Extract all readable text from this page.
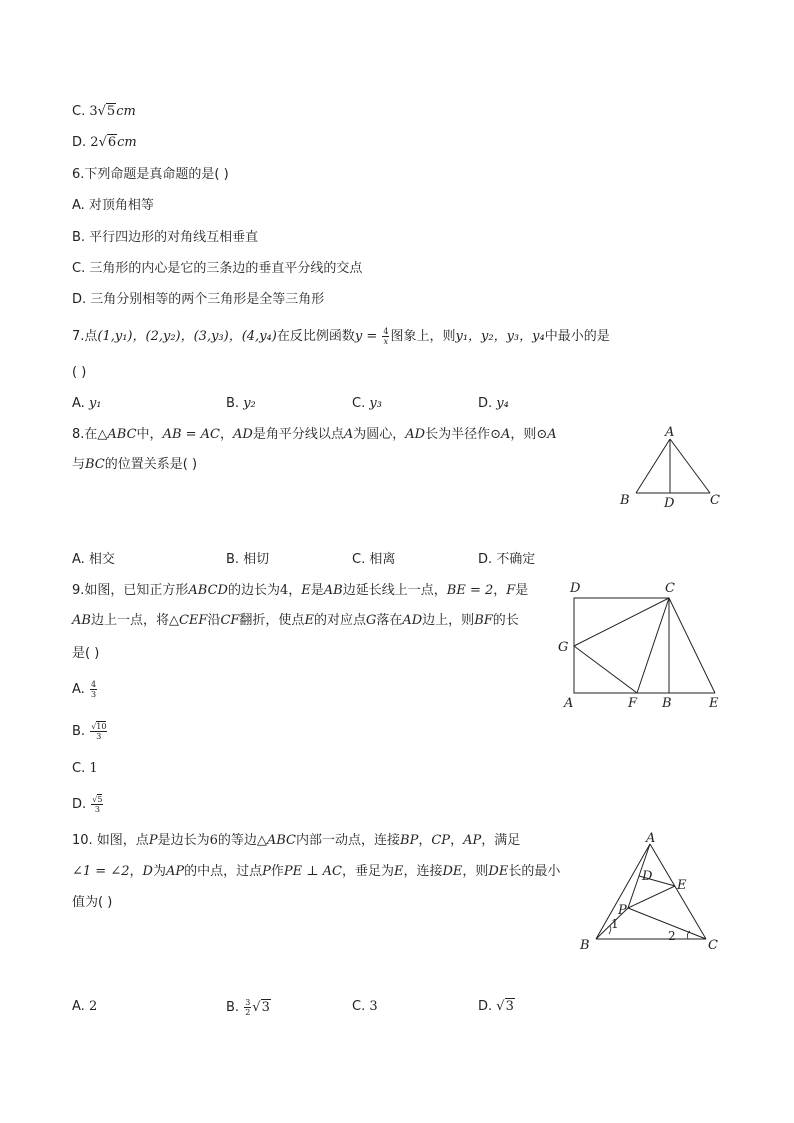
C. 3√5cm
D. 2√6cm
6.下列命题是真命题的是( )
A. 对顶角相等
B. 平行四边形的对角线互相垂直
C. 三角形的内心是它的三条边的垂直平分线的交点
D. 三角分别相等的两个三角形是全等三角形
7.点(1,y₁)，(2,y₂)，(3,y₃)，(4,y₄)在反比例函数$y = \frac{4}{x}$ 图象上，则y₁，y₂，y₃，y₄中最小的是
( )
A. y₁	B. y₂	C. y₃	D. y₄
8.在△ABC中，AB = AC，AD是角平分线以点A为圆心，AD长为半径作⊙A，则⊙A
与BC的位置关系是( )
A
B	D	C
A. 相交	B. 相切	C. 相离	D. 不确定
9.如图，已知正方形ABCD的边长为4，E是AB边延长线上一点，BE = 2，F是
AB边上一点，将△CEF沿CF翻折，使点E的对应点G落在AD边上，则BF的长
是( )
D	C
G
A	F B	E
A. $\frac{4}{3}$
B. $\frac{√10}{3}$
C. 1
D. $\frac{√5}{3}$
10. 如图，点P是边长为6的等边△ABC内部一动点，连接BP，CP，AP，满足
∠1 = ∠2，D为AP的中点，过点P作PE ⊥ AC，垂足为E，连接DE，则DE长的最小
值为( )
A
D
E
P
1
2
B	C
A. 2	B. $\frac{3}{2} √3$	C. 3	D. √3
